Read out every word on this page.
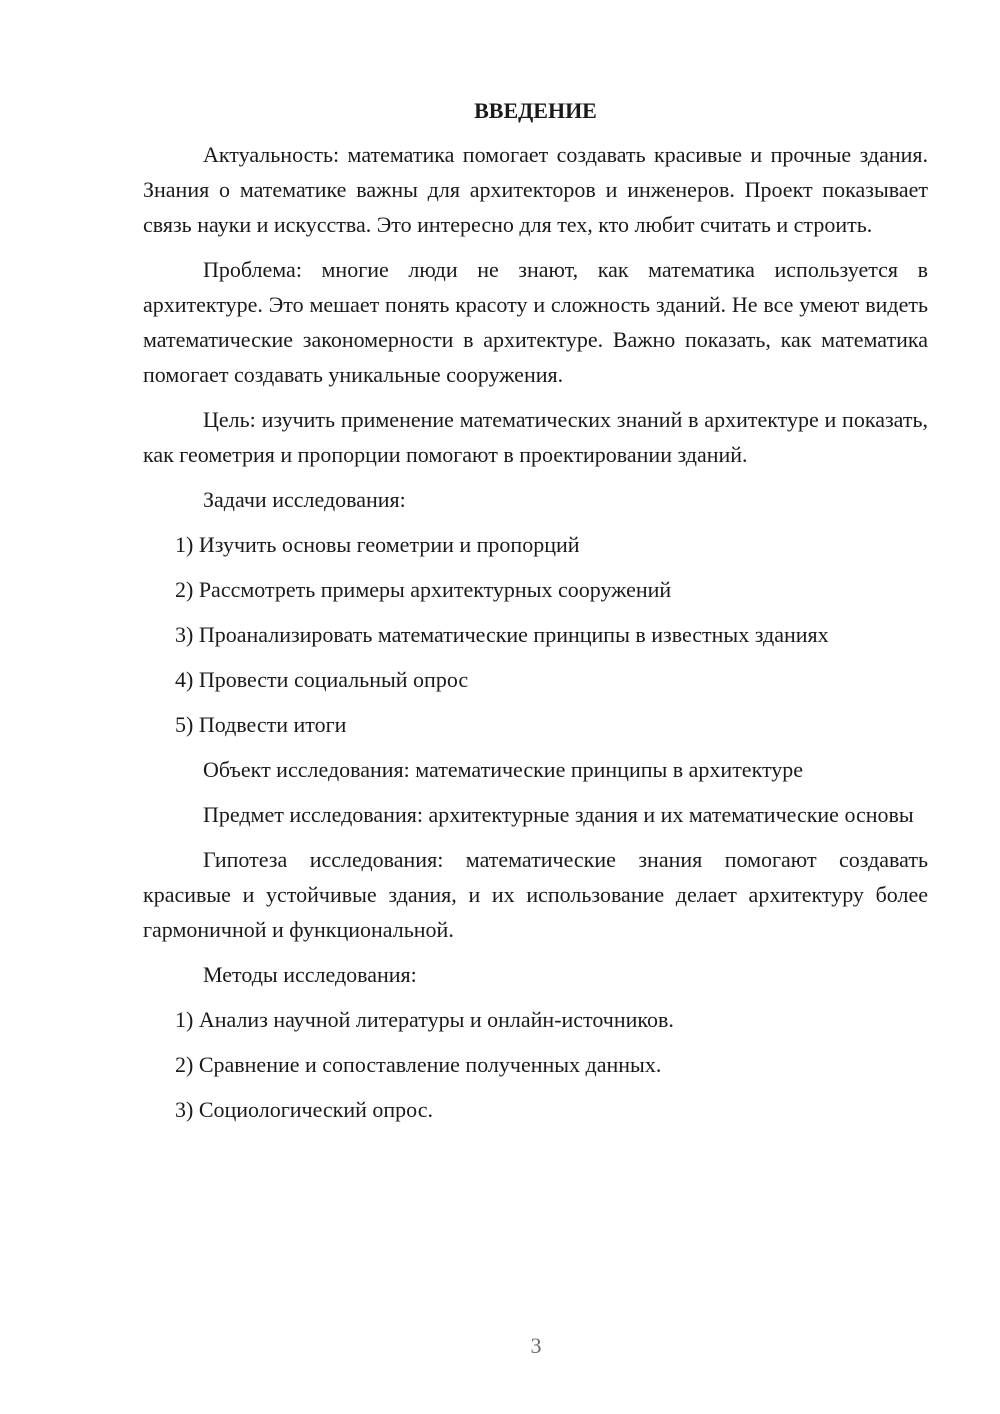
ВВЕДЕНИЕ

Актуальность: математика помогает создавать красивые и прочные здания. Знания о математике важны для архитекторов и инженеров. Проект показывает связь науки и искусства. Это интересно для тех, кто любит считать и строить.

Проблема: многие люди не знают, как математика используется в архитектуре. Это мешает понять красоту и сложность зданий. Не все умеют видеть математические закономерности в архитектуре. Важно показать, как математика помогает создавать уникальные сооружения.

Цель: изучить применение математических знаний в архитектуре и показать, как геометрия и пропорции помогают в проектировании зданий.

Задачи исследования:
1) Изучить основы геометрии и пропорций
2) Рассмотреть примеры архитектурных сооружений
3) Проанализировать математические принципы в известных зданиях
4) Провести социальный опрос
5) Подвести итоги

Объект исследования: математические принципы в архитектуре

Предмет исследования: архитектурные здания и их математические основы

Гипотеза исследования: математические знания помогают создавать красивые и устойчивые здания, и их использование делает архитектуру более гармоничной и функциональной.

Методы исследования:
1) Анализ научной литературы и онлайн-источников.
2) Сравнение и сопоставление полученных данных.
3) Социологический опрос.
3
